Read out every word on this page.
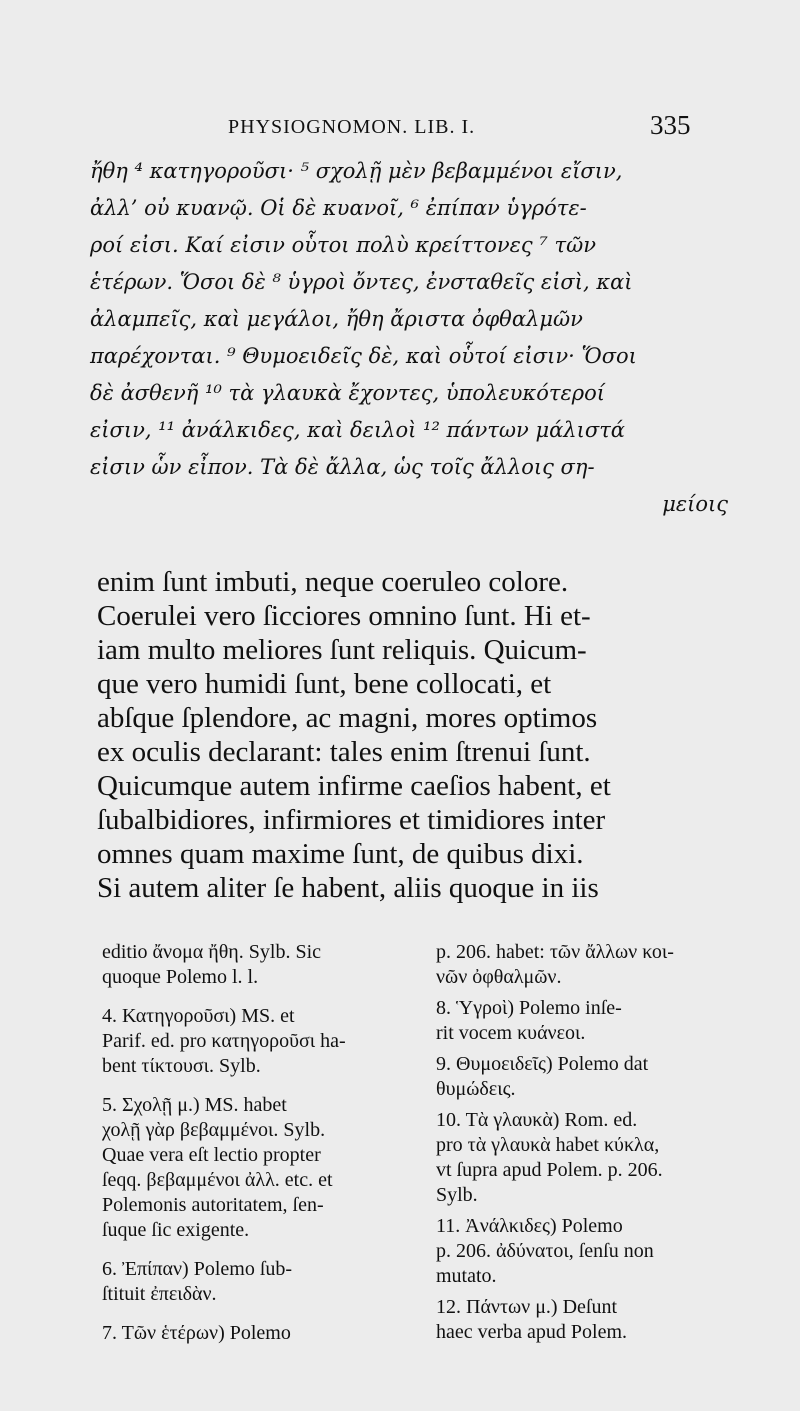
PHYSIOGNOMON. LIB. I.	335
ἤθη ⁴ κατηγοροῦσι· ⁵ σχολῇ μὲν βεβαμμένοι εἴσιν,
ἀλλ’ οὐ κυανῷ. Οἱ δὲ κυανοῖ, ⁶ ἐπίπαν ὑγρότε-
ροί εἰσι. Καί εἰσιν οὗτοι πολὺ κρείττονες ⁷ τῶν
ἑτέρων. Ὅσοι δὲ ⁸ ὑγροὶ ὄντες, ἐνσταθεῖς εἰσὶ, καὶ
ἀλαμπεῖς, καὶ μεγάλοι, ἤθη ἄριστα ὀφθαλμῶν
παρέχονται. ⁹ Θυμοειδεῖς δὲ, καὶ οὗτοί εἰσιν· Ὅσοι
δὲ ἀσθενῆ ¹⁰ τὰ γλαυκὰ ἔχοντες, ὑπολευκότεροί
εἰσιν, ¹¹ ἀνάλκιδες, καὶ δειλοὶ ¹² πάντων μάλιστά
εἰσιν ὧν εἶπον. Τὰ δὲ ἄλλα, ὡς τοῖς ἄλλοις ση-
μείοις
enim ſunt imbuti, neque coeruleo colore.
Coerulei vero ſicciores omnino ſunt. Hi et-
iam multo meliores ſunt reliquis. Quicum-
que vero humidi ſunt, bene collocati, et
abſque ſplendore, ac magni, mores optimos
ex oculis declarant: tales enim ſtrenui ſunt.
Quicumque autem infirme caeſios habent, et
ſubalbidiores, infirmiores et timidiores inter
omnes quam maxime ſunt, de quibus dixi.
Si autem aliter ſe habent, aliis quoque in iis
editio ἄνομα ἤθη. Sylb. Sic
quoque Polemo l. l.
4. Κατηγοροῦσι) MS. et
Parif. ed. pro κατηγοροῦσι ha-
bent τίκτουσι. Sylb.
5. Σχολῇ μ.) MS. habet
χολῇ γὰρ βεβαμμένοι. Sylb.
Quae vera eſt lectio propter
ſeqq. βεβαμμένοι ἀλλ. etc. et
Polemonis autoritatem, ſen-
ſuque ſic exigente.
6. Ἐπίπαν) Polemo ſub-
ſtituit ἐπειδὰν.
7. Τῶν ἑτέρων) Polemo
p. 206. habet: τῶν ἄλλων κοι-
νῶν ὀφθαλμῶν.
8. Ὑγροὶ) Polemo inſe-
rit vocem κυάνεοι.
9. Θυμοειδεῖς) Polemo dat
θυμώδεις.
10. Τὰ γλαυκὰ) Rom. ed.
pro τὰ γλαυκὰ habet κύκλα,
vt ſupra apud Polem. p. 206.
Sylb.
11. Ἀνάλκιδες) Polemo
p. 206. ἀδύνατοι, ſenſu non
mutato.
12. Πάντων μ.) Deſunt
haec verba apud Polem.
